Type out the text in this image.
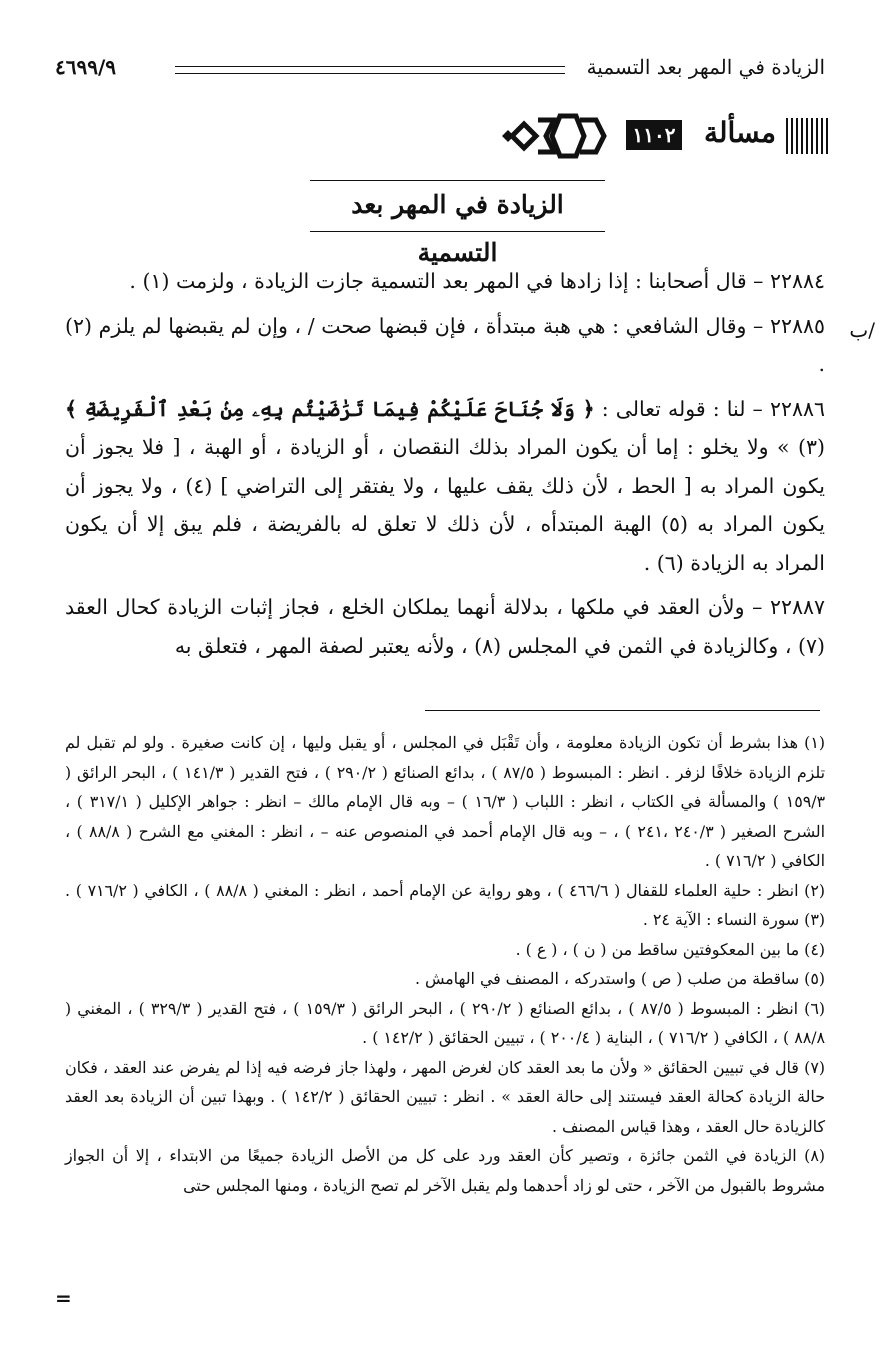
الزيادة في المهر بعد التسمية
٤٦٩٩/٩
مسألة
١١٠٢
الزيادة في المهر بعد التسمية
/ب

٢٢٨٨٤ – قال أصحابنا : إذا زادها في المهر بعد التسمية جازت الزيادة ، ولزمت (١) .

٢٢٨٨٥ – وقال الشافعي : هي هبة مبتدأة ، فإن قبضها صحت / ، وإن لم يقبضها لم يلزم (٢) .

٢٢٨٨٦ – لنا : قوله تعالى : ﴿ وَلَا جُنَاحَ عَلَيْكُمْ فِيمَا تَرَٰضَيْتُم بِهِۦ مِنۢ بَعْدِ ٱلْفَرِيضَةِ ﴾ (٣) » ولا يخلو : إما أن يكون المراد بذلك النقصان ، أو الزيادة ، أو الهبة ، [ فلا يجوز أن يكون المراد به [ الحط ، لأن ذلك يقف عليها ، ولا يفتقر إلى التراضي ] (٤) ، ولا يجوز أن يكون المراد به (٥) الهبة المبتدأه ، لأن ذلك لا تعلق له بالفريضة ، فلم يبق إلا أن يكون المراد به الزيادة (٦) .

٢٢٨٨٧ – ولأن العقد في ملكها ، بدلالة أنهما يملكان الخلع ، فجاز إثبات الزيادة كحال العقد (٧) ، وكالزيادة في الثمن في المجلس (٨) ، ولأنه يعتبر لصفة المهر ، فتعلق به

(١) هذا بشرط أن تكون الزيادة معلومة ، وأن تَقْبَل في المجلس ، أو يقبل وليها ، إن كانت صغيرة . ولو لم تقبل لم تلزم الزيادة خلافًا لزفر . انظر : المبسوط ( ٨٧/٥ ) ، بدائع الصنائع ( ٢٩٠/٢ ) ، فتح القدير ( ١٤١/٣ ) ، البحر الرائق ( ١٥٩/٣ ) والمسألة في الكتاب ، انظر : اللباب ( ١٦/٣ ) – وبه قال الإمام مالك – انظر : جواهر الإكليل ( ٣١٧/١ ) ، الشرح الصغير ( ٢٤٠/٣ ،٢٤١ ) ، – وبه قال الإمام أحمد في المنصوص عنه – ، انظر : المغني مع الشرح ( ٨٨/٨ ) ، الكافي ( ٧١٦/٢ ) .

(٢) انظر : حلية العلماء للقفال ( ٤٦٦/٦ ) ، وهو رواية عن الإمام أحمد ، انظر : المغني ( ٨٨/٨ ) ، الكافي ( ٧١٦/٢ ) . (٣) سورة النساء : الآية ٢٤ .

(٤) ما بين المعكوفتين ساقط من ( ن ) ، ( ع ) .

(٥) ساقطة من صلب ( ص ) واستدركه ، المصنف في الهامش .

(٦) انظر : المبسوط ( ٨٧/٥ ) ، بدائع الصنائع ( ٢٩٠/٢ ) ، البحر الرائق ( ١٥٩/٣ ) ، فتح القدير ( ٣٢٩/٣ ) ، المغني ( ٨٨/٨ ) ، الكافي ( ٧١٦/٢ ) ، البناية ( ٢٠٠/٤ ) ، تبيين الحقائق ( ١٤٢/٢ ) .

(٧) قال في تبيين الحقائق « ولأن ما بعد العقد كان لغرض المهر ، ولهذا جاز فرضه فيه إذا لم يفرض عند العقد ، فكان حالة الزيادة كحالة العقد فيستند إلى حالة العقد » . انظر : تبيين الحقائق ( ١٤٢/٢ ) . وبهذا تبين أن الزيادة بعد العقد كالزيادة حال العقد ، وهذا قياس المصنف .

(٨) الزيادة في الثمن جائزة ، وتصير كأن العقد ورد على كل من الأصل الزيادة جميعًا من الابتداء ، إلا أن الجواز مشروط بالقبول من الآخر ، حتى لو زاد أحدهما ولم يقبل الآخر لم تصح الزيادة ، ومنها المجلس حتى

=
